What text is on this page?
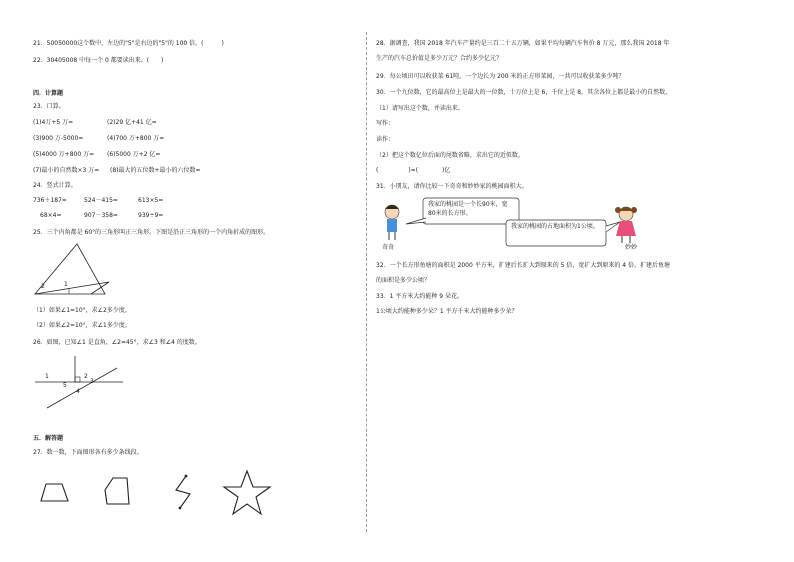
21．50050000这个数中，左边的"5"是右边的"5"的 100 倍。(　　　)
22．30405008 中每一个 0 都要读出来。(　　)
四．计算题
23．口算。
(1)4万+5 万=	(2)29 亿+41 亿=
(3)900 万-5000=	(4)700 万+800 万=
(5)4000 万+800 万= (6)5000 万+2 亿=
(7)最小的自然数×3 万= (8)最大的五位数+最小的六位数=
24．竖式计算。
736＋187=	524－415=	613×5=
68×4=	907－358=	939÷9=
25．三个内角都是 60°的三角形叫正三角形。下图是沿正三角形的一个内角折成的图形。
2	1
（1）如果∠1=10°，求∠2多少度。
（2）如果∠2=10°，求∠1多少度。
26．如图，已知∠1 是直角，∠2=45°，求∠3 和∠4 的度数。
1	2
3
4
5
五．解答题
27．数一数，下面图形各有多少条线段。
28．据调查，我国 2018 年汽车产量约是三百二十五万辆，如果平均每辆汽车售价 8 万元，那么我国 2018 年
生产的汽车总价值是多少万元？合约多少亿元？
29．每公顷田可以收获菜 61吨，一个边长为 200 米的正方形菜园，一共可以收获菜多少吨？
30．一个九位数，它的最高位上是最大的一位数，十万位上是 6，千位上是 8，其余各位上都是最小的自然数。
（1）请写出这个数，并读出来。
写作：
读作：
（2）把这个数亿位后面的尾数省略，求出它的近似数。
(　　　　　)≈(　　　　)亿
31．小朋友，请你比较一下奇奇和妙妙家的桃园面积大。
我家的桃园是一个长90米，宽80米的长方形。
我家的桃园的占地面积为1公顷。
奇奇	妙妙
32．一个长方形鱼塘的面积是 2000 平方米，扩建后长扩大到原来的 5 倍，宽扩大到原来的 4 倍。扩建后鱼塘
的面积是多少公顷？
33．1 平方米大约能种 9 朵花。
1公顷大约能种多少朵？1 平方千米大约能种多少朵？
